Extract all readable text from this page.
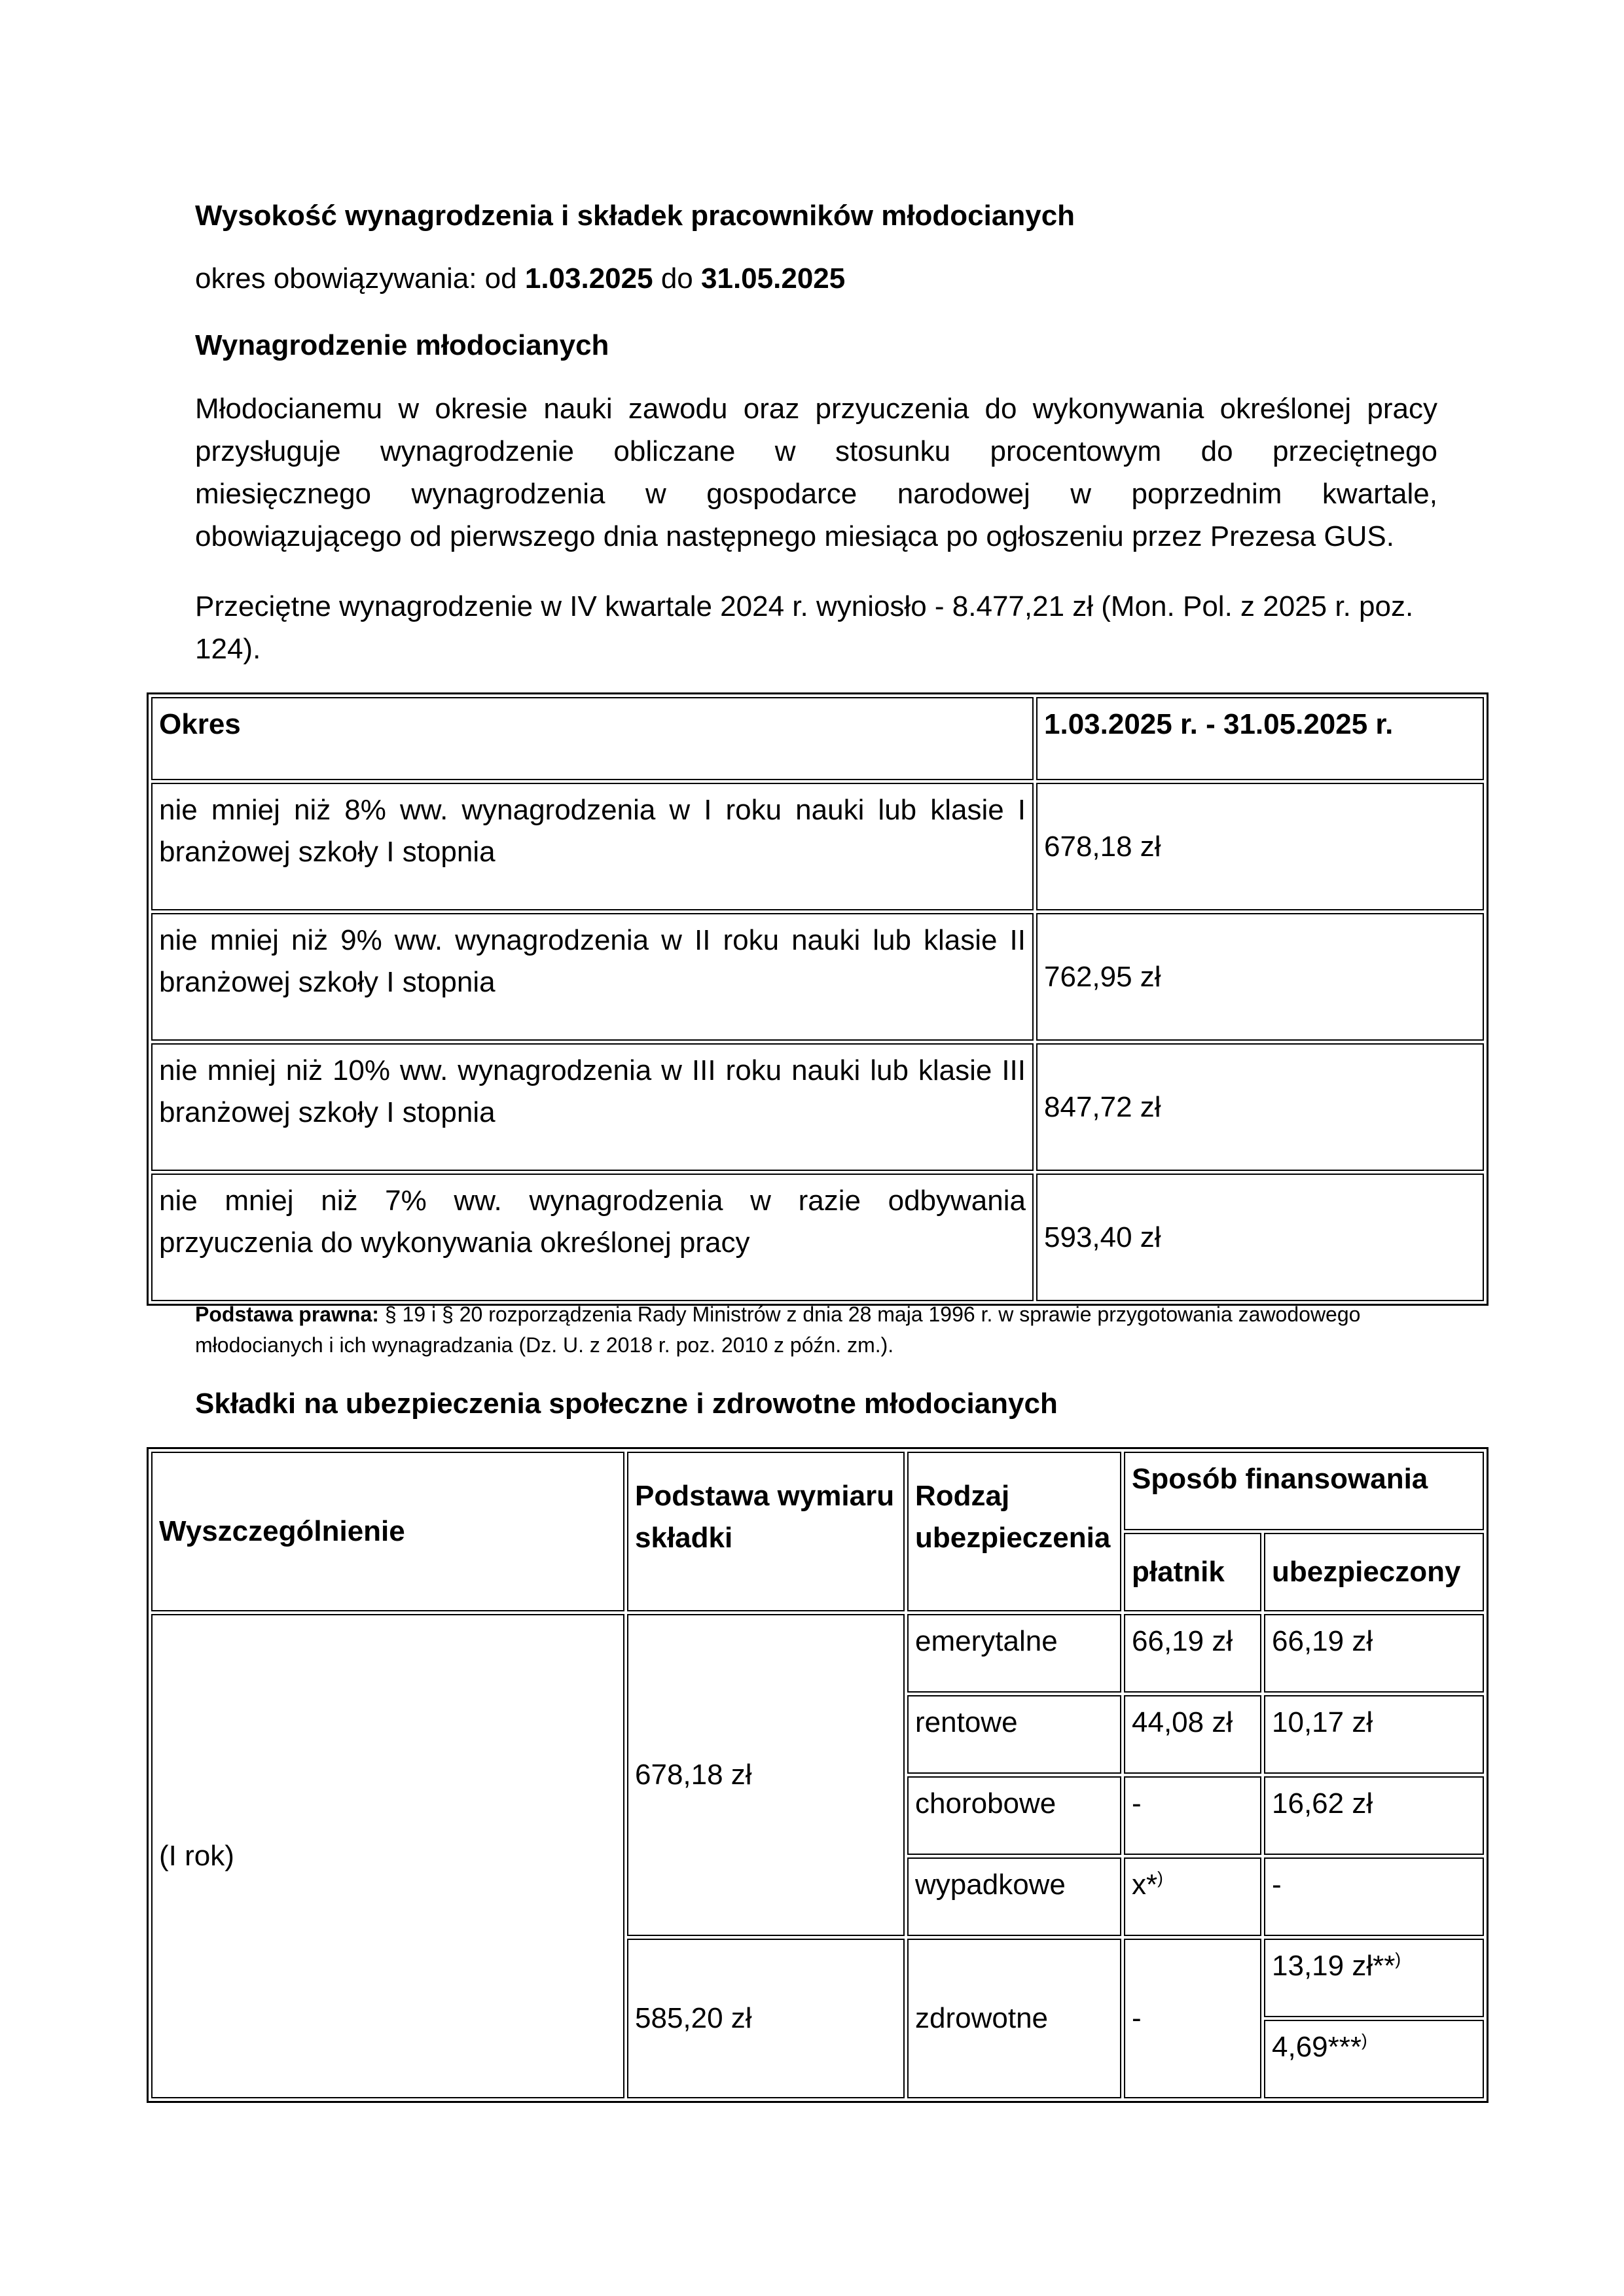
Wysokość wynagrodzenia i składek pracowników młodocianych
okres obowiązywania: od 1.03.2025 do 31.05.2025
Wynagrodzenie młodocianych
Młodocianemu w okresie nauki zawodu oraz przyuczenia do wykonywania określonej pracy
przysługuje wynagrodzenie obliczane w stosunku procentowym do przeciętnego
miesięcznego wynagrodzenia w gospodarce narodowej w poprzednim kwartale,
obowiązującego od pierwszego dnia następnego miesiąca po ogłoszeniu przez Prezesa GUS.
Przeciętne wynagrodzenie w IV kwartale 2024 r. wyniosło - 8.477,21 zł (Mon. Pol. z 2025 r. poz. 124).
Okres	1.03.2025 r. - 31.05.2025 r.
nie mniej niż 8% ww. wynagrodzenia w I roku nauki lub klasie I branżowej szkoły I stopnia	678,18 zł
nie mniej niż 9% ww. wynagrodzenia w II roku nauki lub klasie II branżowej szkoły I stopnia	762,95 zł
nie mniej niż 10% ww. wynagrodzenia w III roku nauki lub klasie III branżowej szkoły I stopnia	847,72 zł
nie mniej niż 7% ww. wynagrodzenia w razie odbywania przyuczenia do wykonywania określonej pracy	593,40 zł
Podstawa prawna: § 19 i § 20 rozporządzenia Rady Ministrów z dnia 28 maja 1996 r. w sprawie przygotowania zawodowego młodocianych i ich wynagradzania (Dz. U. z 2018 r. poz. 2010 z późn. zm.).
Składki na ubezpieczenia społeczne i zdrowotne młodocianych
Wyszczególnienie	Podstawa wymiaru składki	Rodzaj ubezpieczenia	Sposób finansowania	
			płatnik	ubezpieczony
(I rok)	678,18 zł	emerytalne	66,19 zł	66,19 zł
		rentowe	44,08 zł	10,17 zł
		chorobowe	-	16,62 zł
		wypadkowe	x*)	-
	585,20 zł	zdrowotne	-	13,19 zł**)
				4,69***)
